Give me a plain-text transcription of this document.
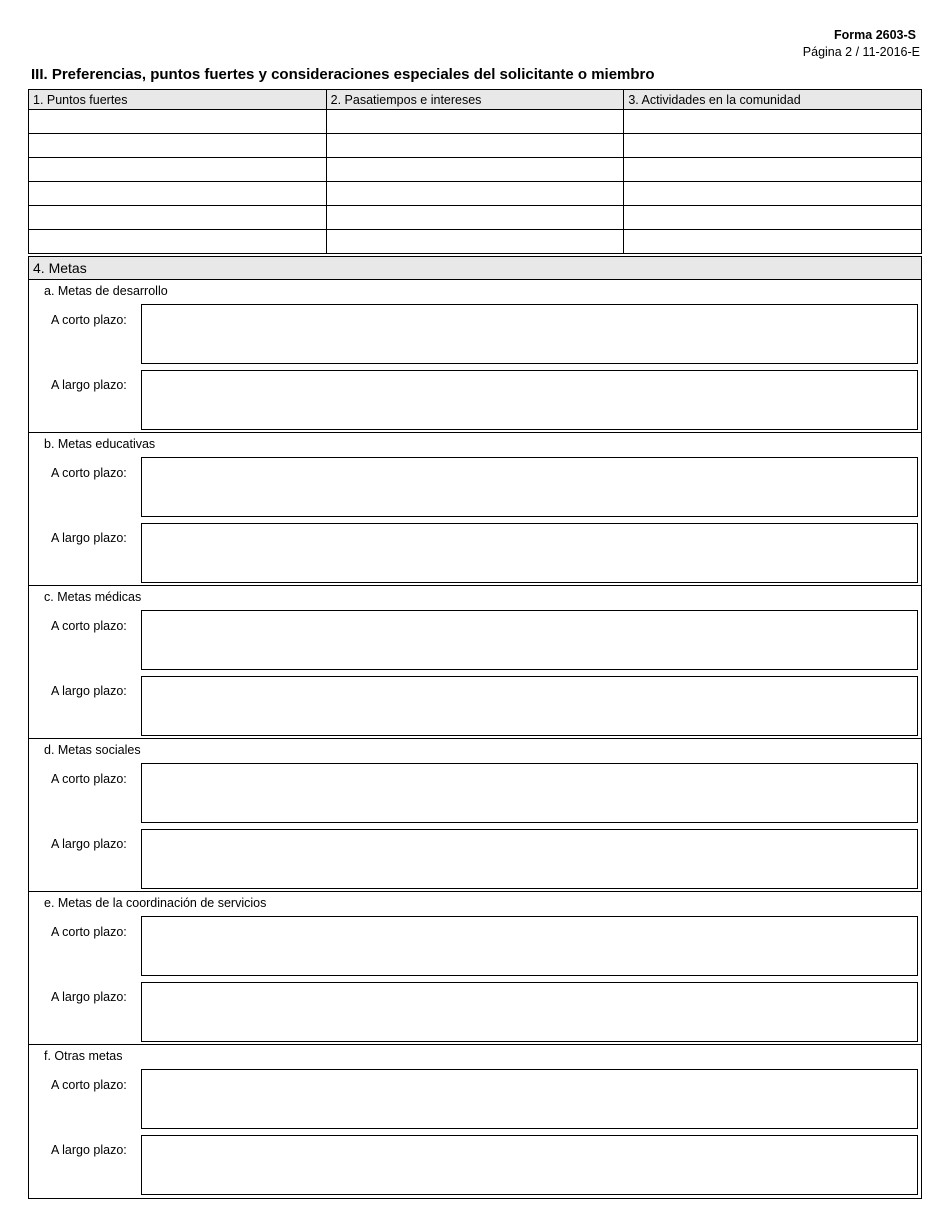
Forma 2603-S
Página 2 / 11-2016-E
III. Preferencias, puntos fuertes y consideraciones especiales del solicitante o miembro
1. Puntos fuertes	2. Pasatiempos e intereses	3. Actividades en la comunidad

4. Metas
a. Metas de desarrollo
A corto plazo:
A largo plazo:
b. Metas educativas
A corto plazo:
A largo plazo:
c. Metas médicas
A corto plazo:
A largo plazo:
d. Metas sociales
A corto plazo:
A largo plazo:
e. Metas de la coordinación de servicios
A corto plazo:
A largo plazo:
f. Otras metas
A corto plazo:
A largo plazo:
